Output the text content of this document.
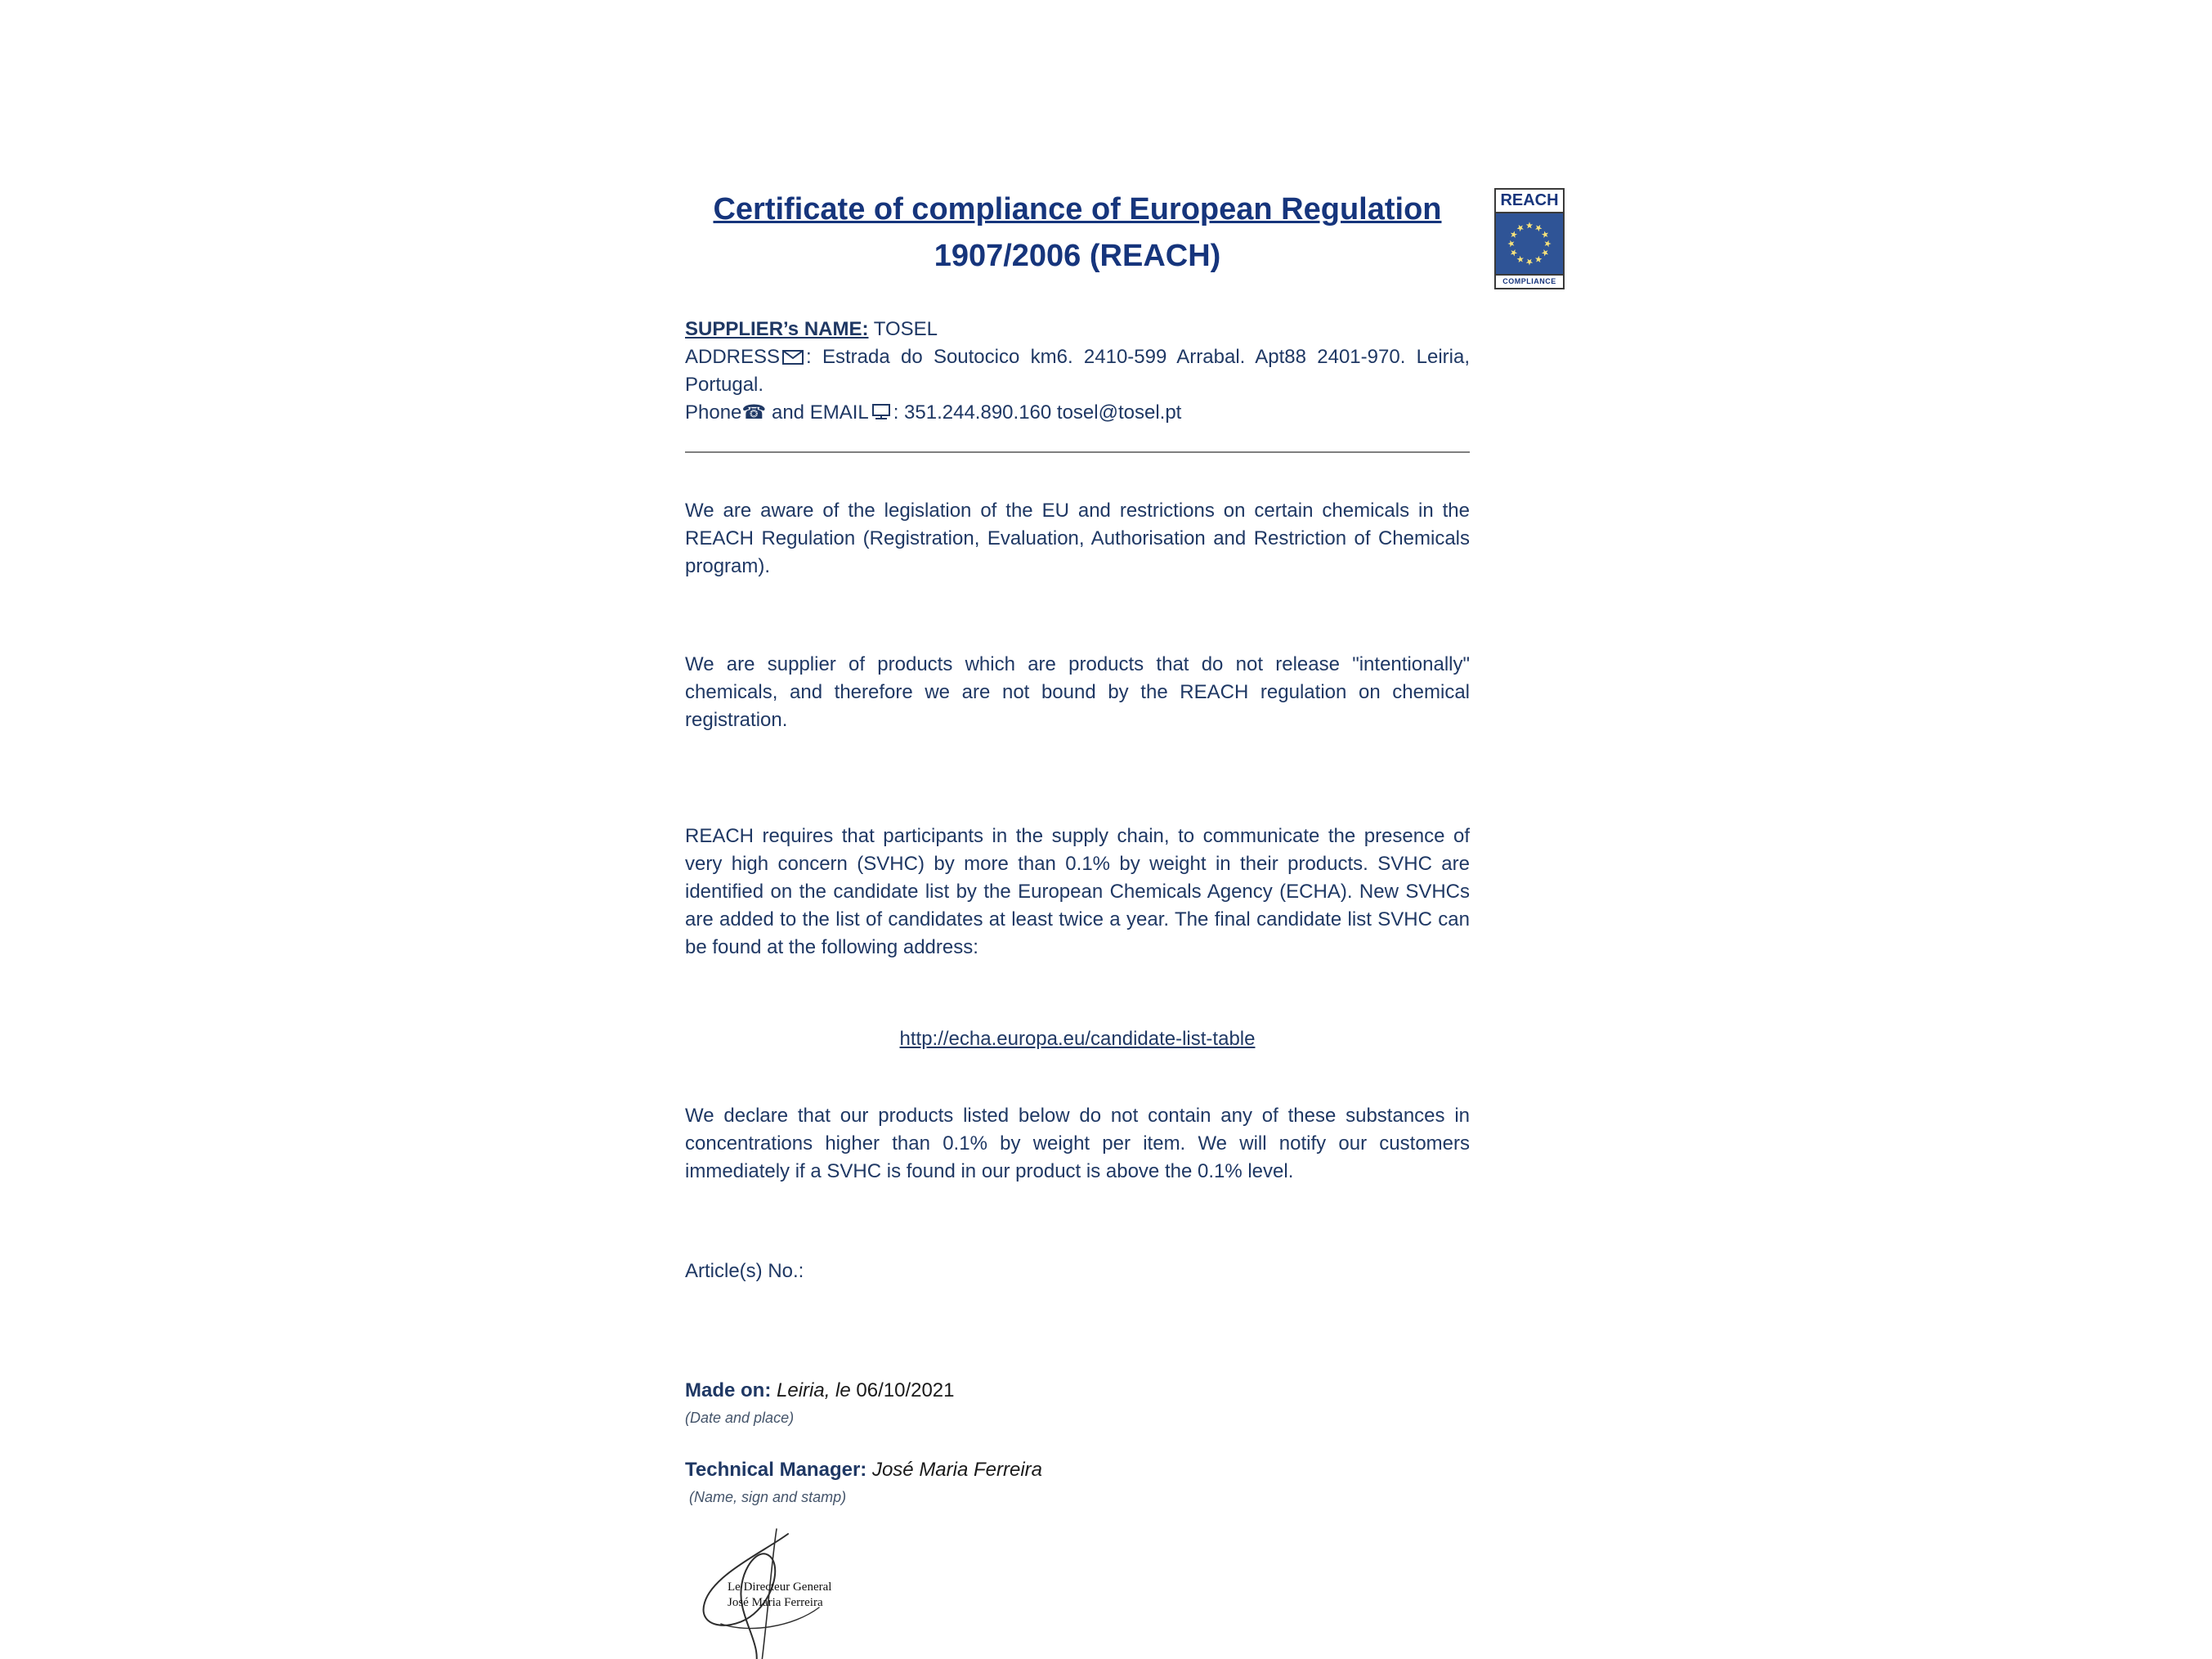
REACH
COMPLIANCE
Certificate of compliance of European Regulation
1907/2006 (REACH)

SUPPLIER’s NAME: TOSEL

ADDRESS : Estrada do Soutocico km6. 2410-599 Arrabal. Apt88 2401-970. Leiria, Portugal.

Phone☎ and EMAIL : 351.244.890.160 tosel@tosel.pt

We are aware of the legislation of the EU and restrictions on certain chemicals in the REACH Regulation (Registration, Evaluation, Authorisation and Restriction of Chemicals program).

We are supplier of products which are products that do not release "intentionally" chemicals, and therefore we are not bound by the REACH regulation on chemical registration.

REACH requires that participants in the supply chain, to communicate the presence of very high concern (SVHC) by more than 0.1% by weight in their products. SVHC are identified on the candidate list by the European Chemicals Agency (ECHA). New SVHCs are added to the list of candidates at least twice a year. The final candidate list SVHC can be found at the following address:

http://echa.europa.eu/candidate-list-table

We declare that our products listed below do not contain any of these substances in concentrations higher than 0.1% by weight per item. We will notify our customers immediately if a SVHC is found in our product is above the 0.1% level.

Article(s) No.:

Made on: Leiria, le 06/10/2021

(Date and place)

Technical Manager: José Maria Ferreira

(Name, sign and stamp)

Le Directeur General
José Maria Ferreira
